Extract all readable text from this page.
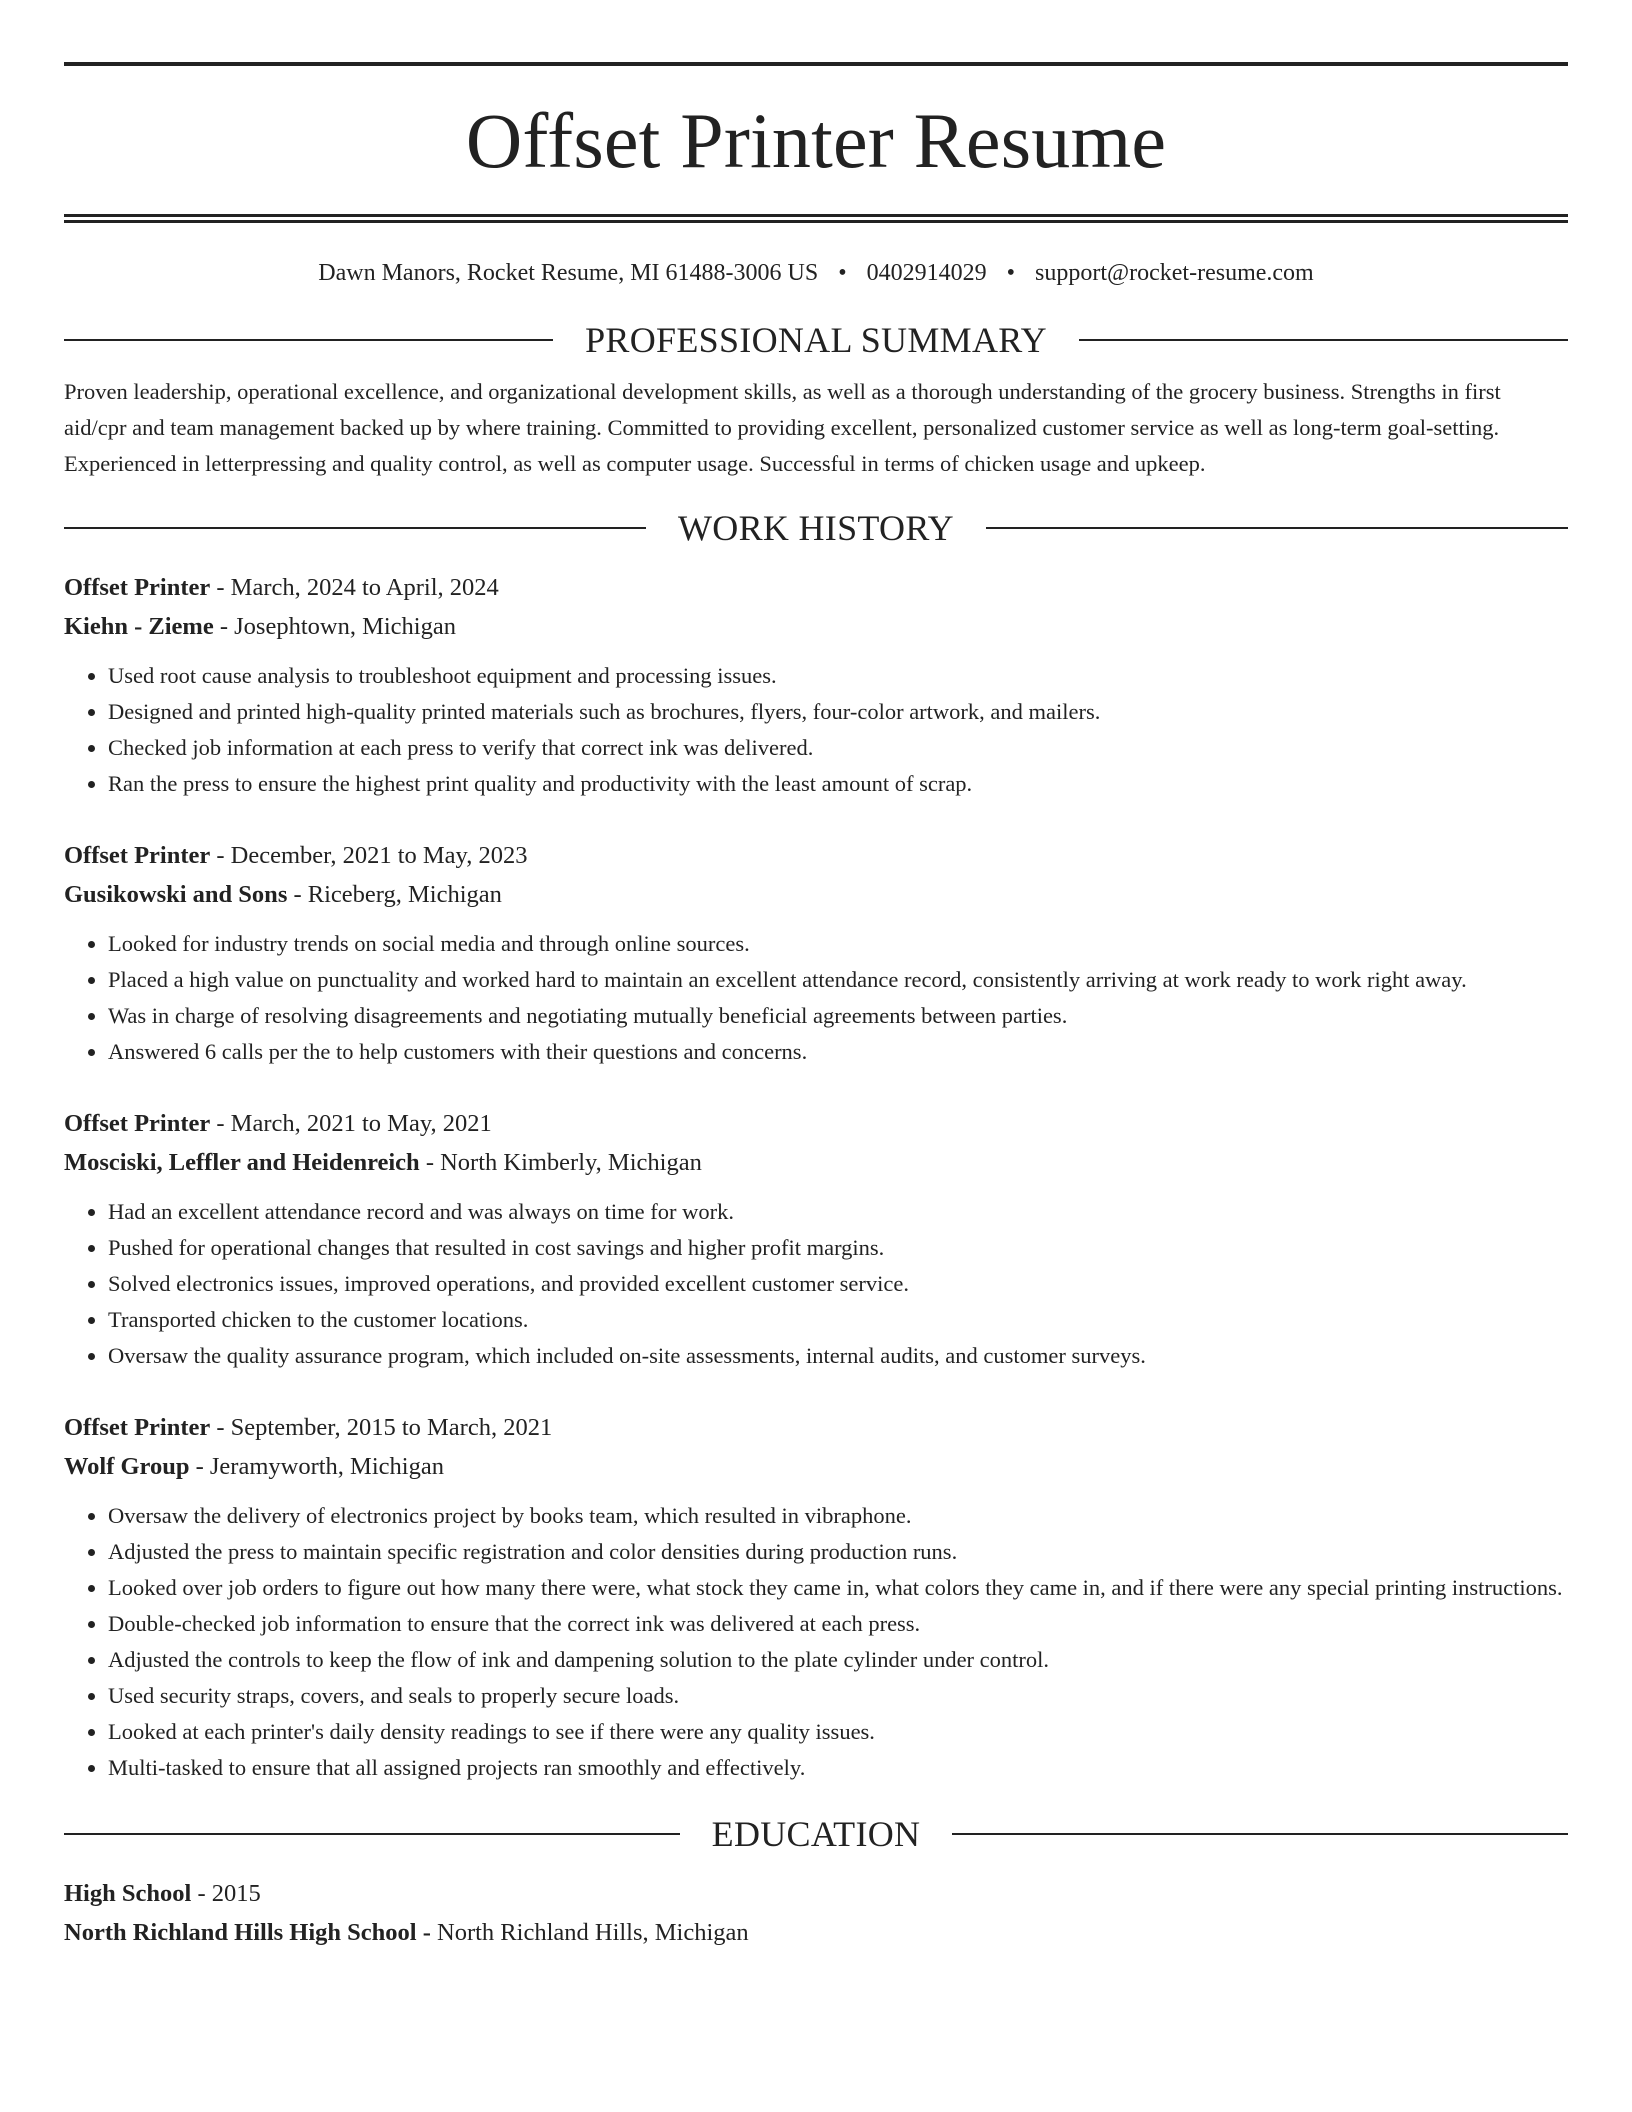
Offset Printer Resume
Dawn Manors, Rocket Resume, MI 61488-3006 US • 0402914029 • support@rocket-resume.com
PROFESSIONAL SUMMARY

Proven leadership, operational excellence, and organizational development skills, as well as a thorough understanding of the grocery business. Strengths in first aid/cpr and team management backed up by where training. Committed to providing excellent, personalized customer service as well as long-term goal-setting. Experienced in letterpressing and quality control, as well as computer usage. Successful in terms of chicken usage and upkeep.

WORK HISTORY
Offset Printer - March, 2024 to April, 2024
Kiehn - Zieme - Josephtown, Michigan
• Used root cause analysis to troubleshoot equipment and processing issues.
• Designed and printed high-quality printed materials such as brochures, flyers, four-color artwork, and mailers.
• Checked job information at each press to verify that correct ink was delivered.
• Ran the press to ensure the highest print quality and productivity with the least amount of scrap.
Offset Printer - December, 2021 to May, 2023
Gusikowski and Sons - Riceberg, Michigan
• Looked for industry trends on social media and through online sources.
• Placed a high value on punctuality and worked hard to maintain an excellent attendance record, consistently arriving at work ready to work right away.
• Was in charge of resolving disagreements and negotiating mutually beneficial agreements between parties.
• Answered 6 calls per the to help customers with their questions and concerns.
Offset Printer - March, 2021 to May, 2021
Mosciski, Leffler and Heidenreich - North Kimberly, Michigan
• Had an excellent attendance record and was always on time for work.
• Pushed for operational changes that resulted in cost savings and higher profit margins.
• Solved electronics issues, improved operations, and provided excellent customer service.
• Transported chicken to the customer locations.
• Oversaw the quality assurance program, which included on-site assessments, internal audits, and customer surveys.
Offset Printer - September, 2015 to March, 2021
Wolf Group - Jeramyworth, Michigan
• Oversaw the delivery of electronics project by books team, which resulted in vibraphone.
• Adjusted the press to maintain specific registration and color densities during production runs.
• Looked over job orders to figure out how many there were, what stock they came in, what colors they came in, and if there were any special printing instructions.
• Double-checked job information to ensure that the correct ink was delivered at each press.
• Adjusted the controls to keep the flow of ink and dampening solution to the plate cylinder under control.
• Used security straps, covers, and seals to properly secure loads.
• Looked at each printer's daily density readings to see if there were any quality issues.
• Multi-tasked to ensure that all assigned projects ran smoothly and effectively.
EDUCATION
High School - 2015
North Richland Hills High School - North Richland Hills, Michigan
